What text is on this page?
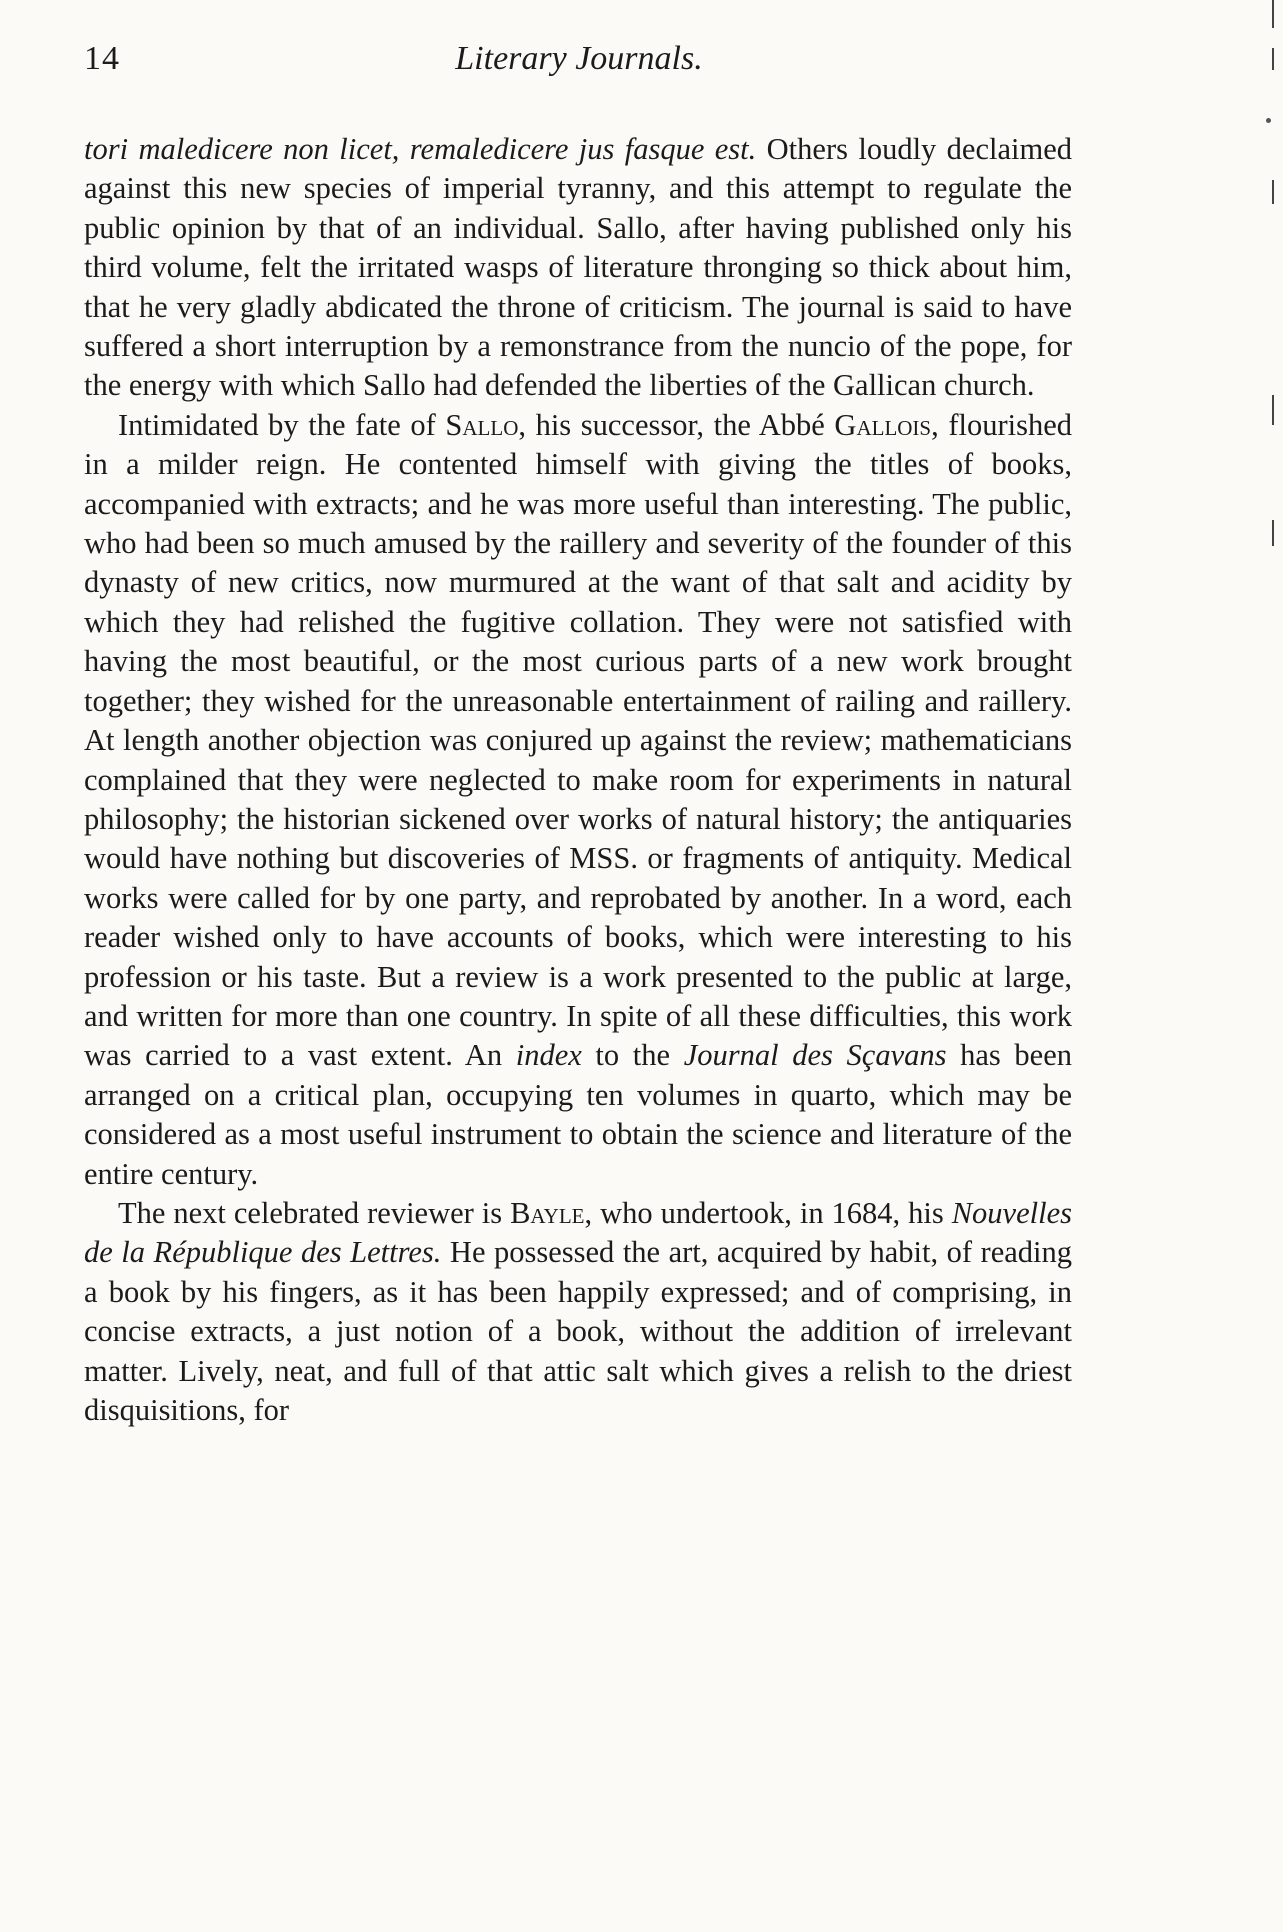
14	Literary Journals.

tori maledicere non licet, remaledicere jus fasque est. Others loudly declaimed against this new species of imperial tyranny, and this attempt to regulate the public opinion by that of an individual. Sallo, after having published only his third volume, felt the irritated wasps of literature thronging so thick about him, that he very gladly abdicated the throne of criticism. The journal is said to have suffered a short interruption by a remonstrance from the nuncio of the pope, for the energy with which Sallo had defended the liberties of the Gallican church.

Intimidated by the fate of Sallo, his successor, the Abbé Gallois, flourished in a milder reign. He contented himself with giving the titles of books, accompanied with extracts; and he was more useful than interesting. The public, who had been so much amused by the raillery and severity of the founder of this dynasty of new critics, now murmured at the want of that salt and acidity by which they had relished the fugitive collation. They were not satisfied with having the most beautiful, or the most curious parts of a new work brought together; they wished for the unreasonable entertainment of railing and raillery. At length another objection was conjured up against the review; mathematicians complained that they were neglected to make room for experiments in natural philosophy; the historian sickened over works of natural history; the antiquaries would have nothing but discoveries of MSS. or fragments of antiquity. Medical works were called for by one party, and reprobated by another. In a word, each reader wished only to have accounts of books, which were interesting to his profession or his taste. But a review is a work presented to the public at large, and written for more than one country. In spite of all these difficulties, this work was carried to a vast extent. An index to the Journal des Sçavans has been arranged on a critical plan, occupying ten volumes in quarto, which may be considered as a most useful instrument to obtain the science and literature of the entire century.

The next celebrated reviewer is Bayle, who undertook, in 1684, his Nouvelles de la République des Lettres. He possessed the art, acquired by habit, of reading a book by his fingers, as it has been happily expressed; and of comprising, in concise extracts, a just notion of a book, without the addition of irrelevant matter. Lively, neat, and full of that attic salt which gives a relish to the driest disquisitions, for
